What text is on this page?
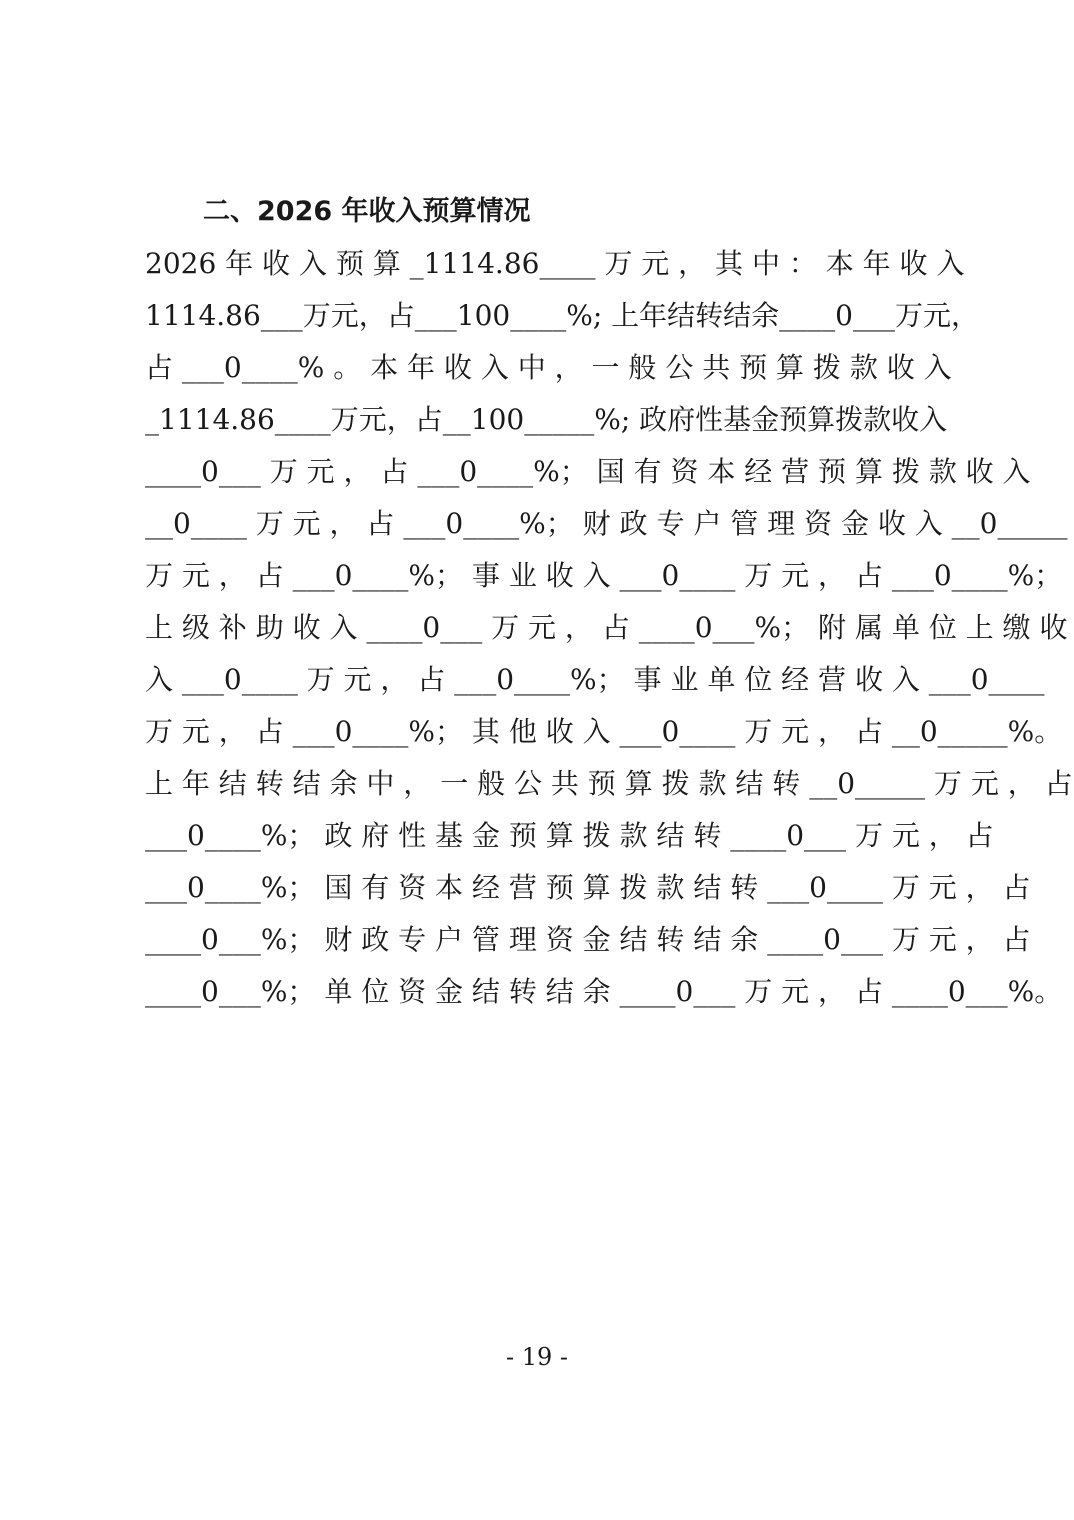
二、2026 年收入预算情况
2026 年 收 入 预 算 _1114.86____ 万 元 ， 其 中 ： 本 年 收 入
1114.86___万元，占___100____%; 上年结转结余____0___万元，
占 ___0____% 。 本 年 收 入 中 ， 一 般 公 共 预 算 拨 款 收 入
_1114.86____万元，占__100_____%; 政府性基金预算拨款收入
____0___ 万 元 ， 占 ___0____%； 国 有 资 本 经 营 预 算 拨 款 收 入
__0____ 万 元 ， 占 ___0____%； 财 政 专 户 管 理 资 金 收 入 __0_____
万 元 ， 占 ___0____%； 事 业 收 入 ___0____ 万 元 ， 占 ___0____%；
上 级 补 助 收 入 ____0___ 万 元 ， 占 ____0___%； 附 属 单 位 上 缴 收
入 ___0____ 万 元 ， 占 ___0____%； 事 业 单 位 经 营 收 入 ___0____
万 元 ， 占 ___0____%； 其 他 收 入 ___0____ 万 元 ， 占 __0_____%。
上 年 结 转 结 余 中 ， 一 般 公 共 预 算 拨 款 结 转 __0_____ 万 元 ， 占
___0____%； 政 府 性 基 金 预 算 拨 款 结 转 ____0___ 万 元 ， 占
___0____%； 国 有 资 本 经 营 预 算 拨 款 结 转 ___0____ 万 元 ， 占
____0___%； 财 政 专 户 管 理 资 金 结 转 结 余 ____0___ 万 元 ， 占
____0___%； 单 位 资 金 结 转 结 余 ____0___ 万 元 ， 占 ____0___%。
- 19 -
